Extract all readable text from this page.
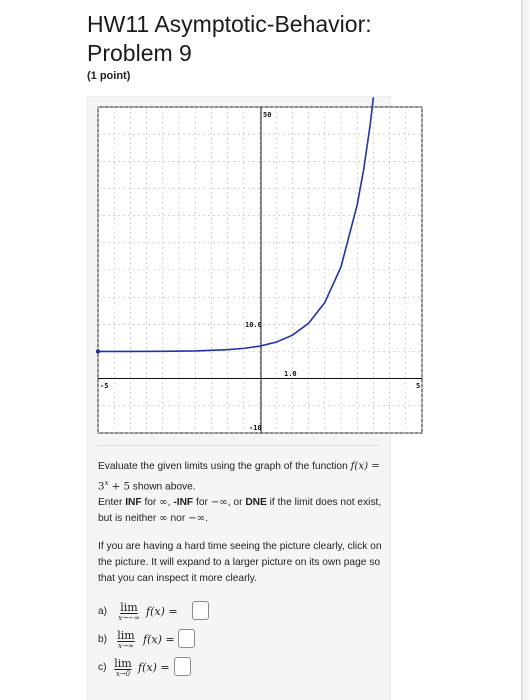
HW11 Asymptotic-Behavior: Problem 9
(1 point)
50
-10
-5	5
10.0
1.0
Evaluate the given limits using the graph of the function $f(x) = 3^x + 5$ shown above.
Enter INF for ∞, -INF for −∞, or DNE if the limit does not exist, but is neither ∞ nor −∞.
If you are having a hard time seeing the picture clearly, click on the picture. It will expand to a larger picture on its own page so that you can inspect it more clearly.
a)	lim
x→−∞ f(x) =
b) lim
x→∞ f(x) =
c) lim
x→0 f(x) =
